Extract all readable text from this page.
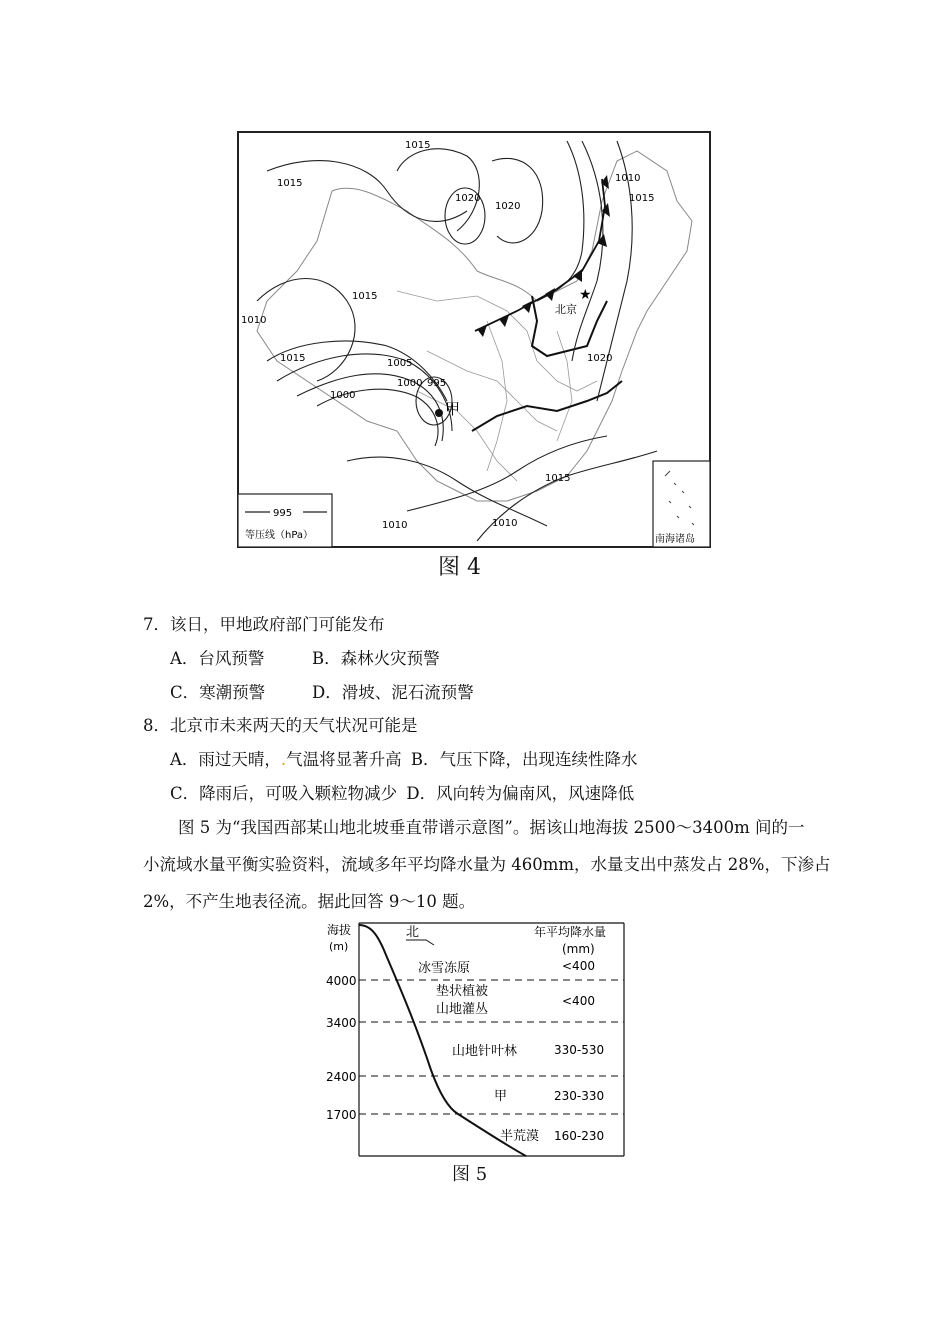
1015
1015
1020
1020
1010
1015
1015
1010
1015	1005
1000 995
1000
1020
1015
1010	1010
★
北京
甲
995
等压线（hPa）	南海诸岛
图 4
7．该日，甲地政府部门可能发布
A．台风预警	B．森林火灾预警
C．寒潮预警	D．滑坡、泥石流预警
8．北京市未来两天的天气状况可能是
A．雨过天晴，.气温将显著升高 B．气压下降，出现连续性降水
C．降雨后，可吸入颗粒物减少 D．风向转为偏南风，风速降低
图 5 为“我国西部某山地北坡垂直带谱示意图”。据该山地海拔 2500～3400m 间的一
小流域水量平衡实验资料，流域多年平均降水量为 460mm，水量支出中蒸发占 28%，下渗占
2%，不产生地表径流。据此回答 9～10 题。
海拔
(m)
4000
3400
2400
1700
北	年平均降水量
(mm)
冰雪冻原	<400
垫状植被
山地灌丛
<400
山地针叶林	330-530
甲	230-330
半荒漠 160-230
图 5
